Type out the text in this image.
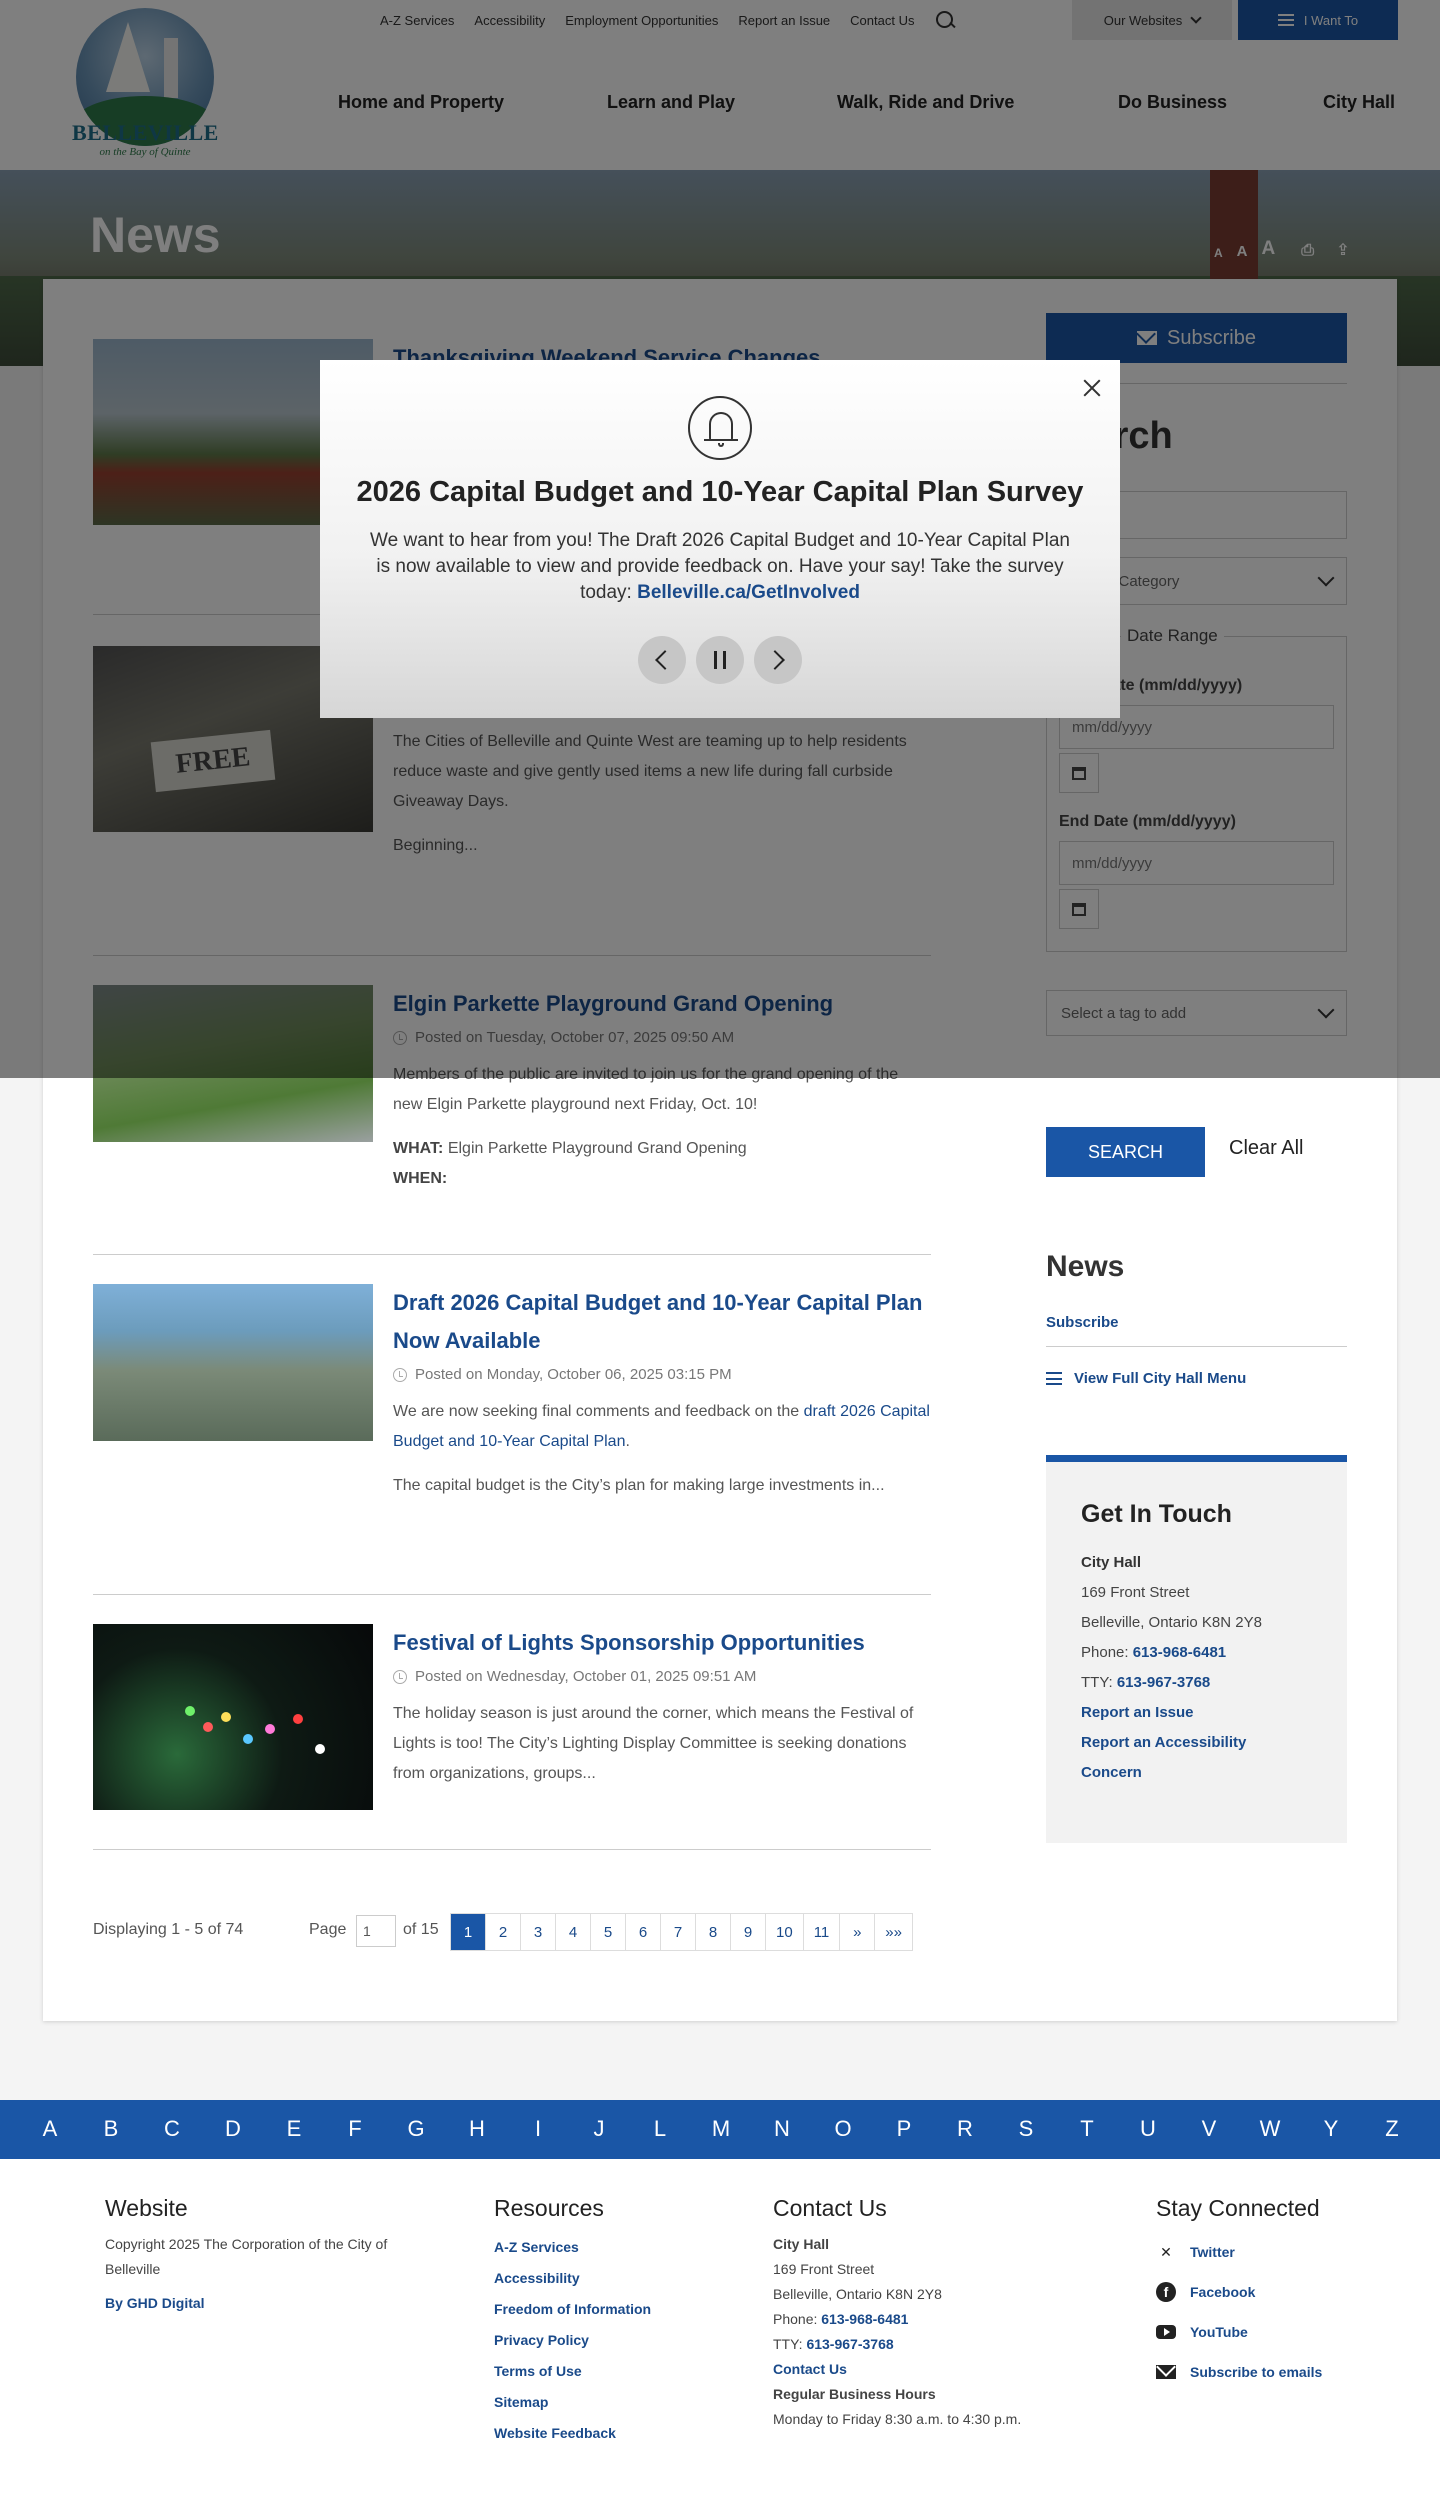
new Elgin Parkette playground next Friday, Oct. 10!

WHAT: Elgin Parkette Playground Grand Opening
WHEN:

Draft 2026 Capital Budget and 10-Year Capital Plan Now Available
Posted on Monday, October 06, 2025 03:15 PM

We are now seeking final comments and feedback on the draft 2026 Capital Budget and 10-Year Capital Plan.

The capital budget is the City’s plan for making large investments in...

Festival of Lights Sponsorship Opportunities
Posted on Wednesday, October 01, 2025 09:51 AM

The holiday season is just around the corner, which means the Festival of Lights is too! The City’s Lighting Display Committee is seeking donations from organizations, groups...

Displaying 1 - 5 of 74	Page
1	of 15	1	2	3	4	5	6	7	8	9	10	11	»	»»
SEARCH	Clear All
News
Subscribe
View Full City Hall Menu
Get In Touch
City Hall
169 Front Street
Belleville, Ontario K8N 2Y8
Phone: 613-968-6481
TTY: 613-967-3768
Report an Issue
Report an Accessibility Concern
2026 Capital Budget and 10-Year Capital Plan Survey

We want to hear from you! The Draft 2026 Capital Budget and 10-Year Capital Plan is now available to view and provide feedback on. Have your say! Take the survey today: Belleville.ca/GetInvolved

A	B	C	D	E	F	G	H	I	J	L	M	N	O	P	R	S	T	U	V	W	Y	Z
Website
Copyright 2025 The Corporation of the City of Belleville
By GHD Digital
Resources
A-Z Services
Accessibility
Freedom of Information
Privacy Policy
Terms of Use
Sitemap
Website Feedback
Contact Us
City Hall
169 Front Street
Belleville, Ontario K8N 2Y8
Phone: 613-968-6481
TTY: 613-967-3768
Contact Us
Regular Business Hours
Monday to Friday 8:30 a.m. to 4:30 p.m.
Stay Connected
✕ Twitter
f	Facebook
YouTube
Subscribe to emails
